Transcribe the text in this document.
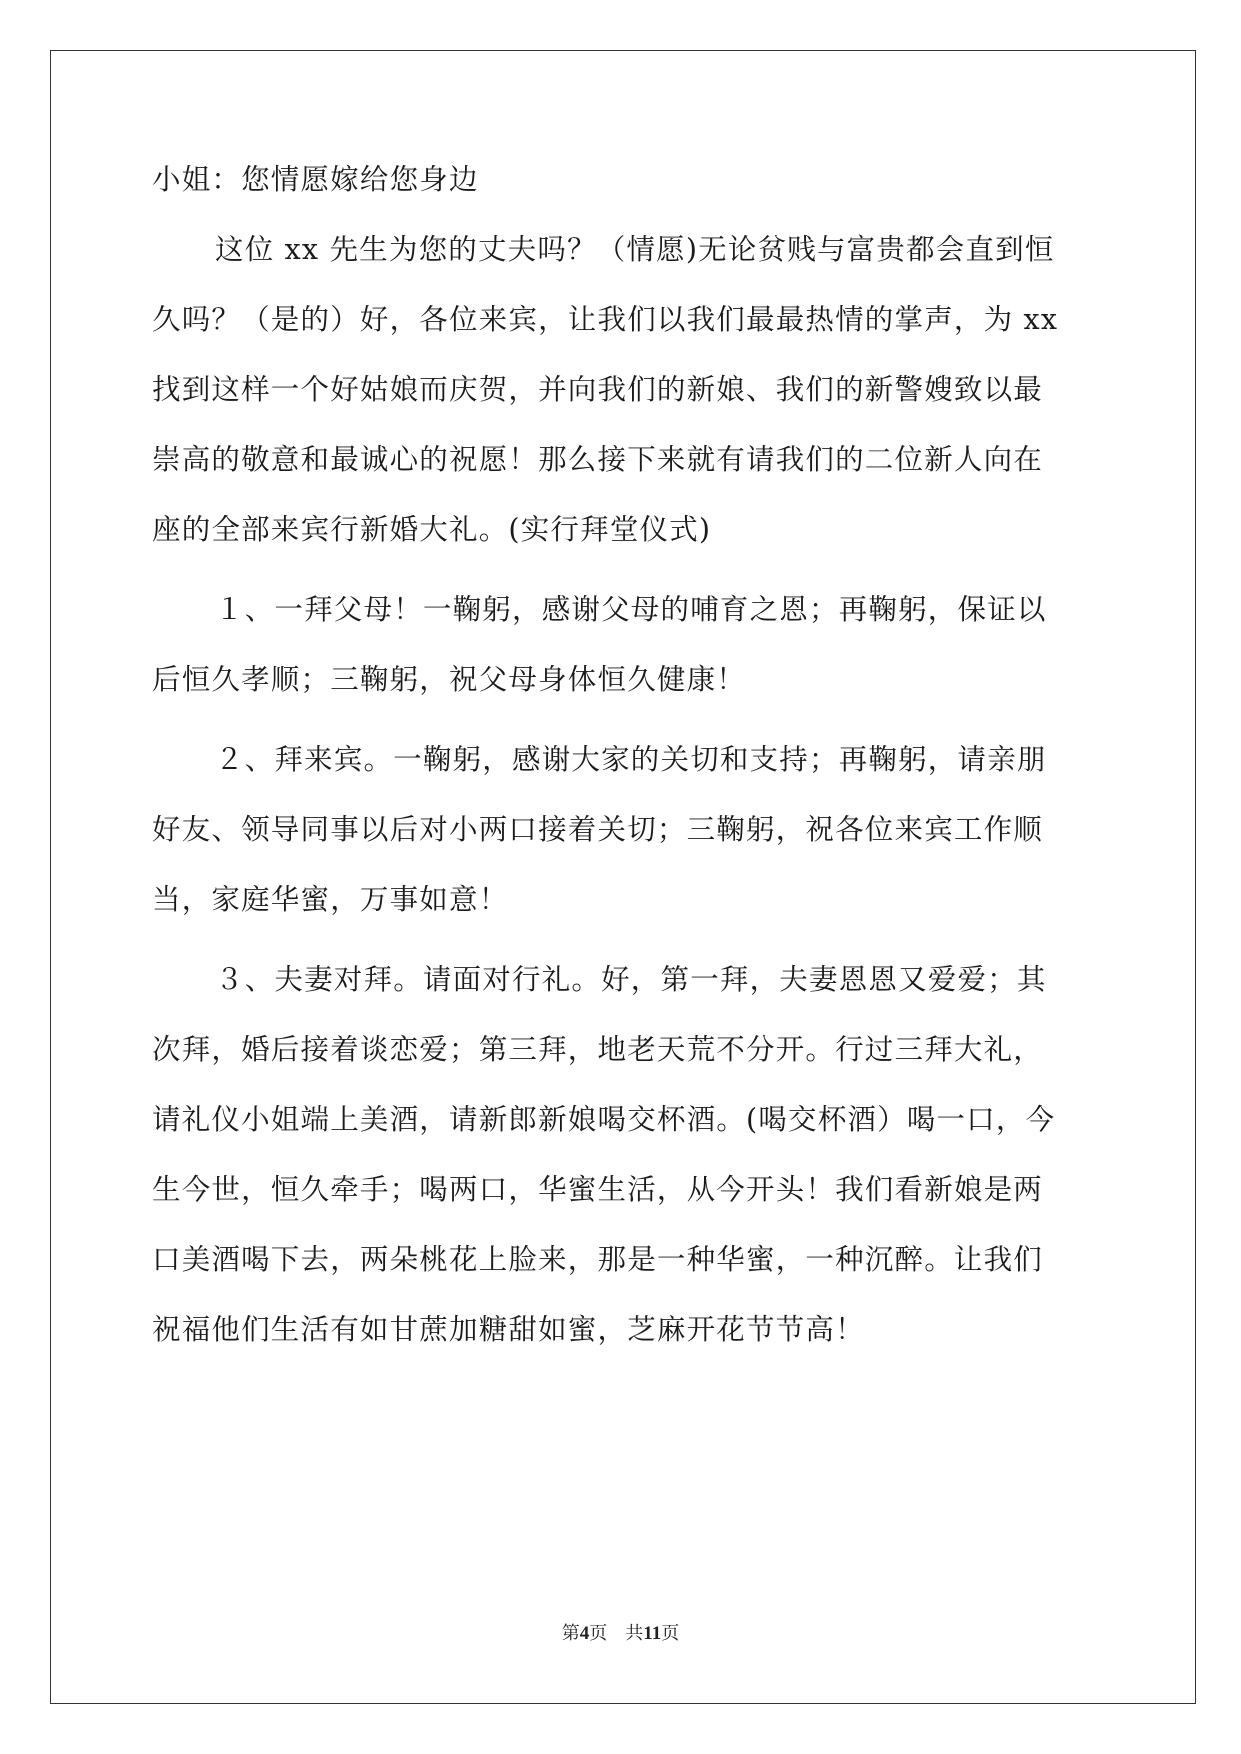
小姐：您情愿嫁给您身边
这位 xx 先生为您的丈夫吗？（情愿)无论贫贱与富贵都会直到恒
久吗？（是的）好，各位来宾，让我们以我们最最热情的掌声，为 xx
找到这样一个好姑娘而庆贺，并向我们的新娘、我们的新警嫂致以最
崇高的敬意和最诚心的祝愿！那么接下来就有请我们的二位新人向在
座的全部来宾行新婚大礼。(实行拜堂仪式)
１、一拜父母！一鞠躬，感谢父母的哺育之恩；再鞠躬，保证以
后恒久孝顺；三鞠躬，祝父母身体恒久健康！
２、拜来宾。一鞠躬，感谢大家的关切和支持；再鞠躬，请亲朋
好友、领导同事以后对小两口接着关切；三鞠躬，祝各位来宾工作顺
当，家庭华蜜，万事如意！
３、夫妻对拜。请面对行礼。好，第一拜，夫妻恩恩又爱爱；其
次拜，婚后接着谈恋爱；第三拜，地老天荒不分开。行过三拜大礼，
请礼仪小姐端上美酒，请新郎新娘喝交杯酒。(喝交杯酒）喝一口，今
生今世，恒久牵手；喝两口，华蜜生活，从今开头！我们看新娘是两
口美酒喝下去，两朵桃花上脸来，那是一种华蜜，一种沉醉。让我们
祝福他们生活有如甘蔗加糖甜如蜜，芝麻开花节节高！
第4页 共11页
